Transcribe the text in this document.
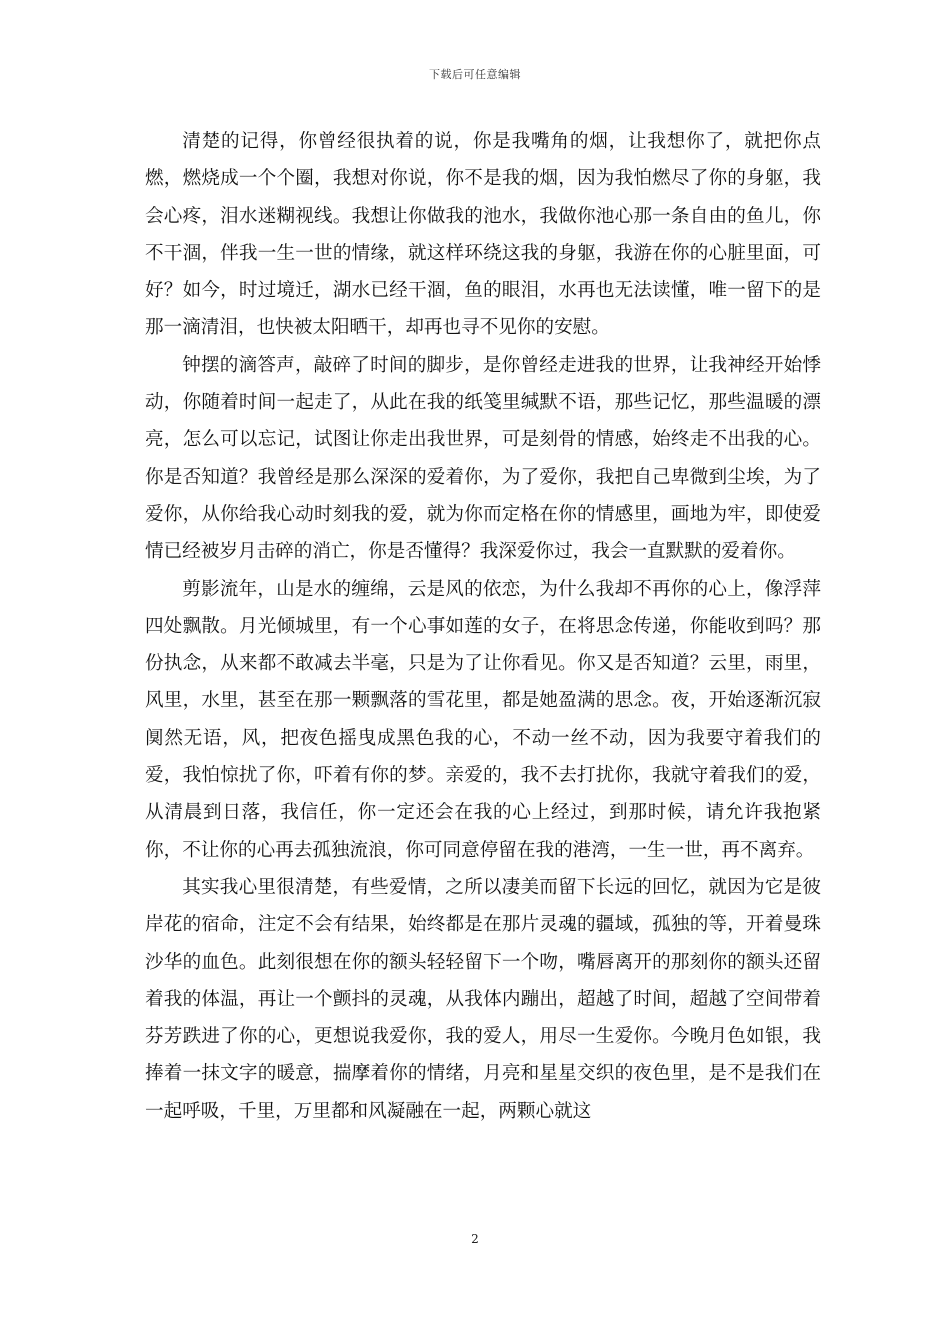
下载后可任意编辑

清楚的记得，你曾经很执着的说，你是我嘴角的烟，让我想你了，就把你点燃，燃烧成一个个圈，我想对你说，你不是我的烟，因为我怕燃尽了你的身躯，我会心疼，泪水迷糊视线。我想让你做我的池水，我做你池心那一条自由的鱼儿，你不干涸，伴我一生一世的情缘，就这样环绕这我的身躯，我游在你的心脏里面，可好？如今，时过境迁，湖水已经干涸，鱼的眼泪，水再也无法读懂，唯一留下的是那一滴清泪，也快被太阳晒干，却再也寻不见你的安慰。

钟摆的滴答声，敲碎了时间的脚步，是你曾经走进我的世界，让我神经开始悸动，你随着时间一起走了，从此在我的纸笺里缄默不语，那些记忆，那些温暖的漂亮，怎么可以忘记，试图让你走出我世界，可是刻骨的情感，始终走不出我的心。你是否知道？我曾经是那么深深的爱着你，为了爱你，我把自己卑微到尘埃，为了爱你，从你给我心动时刻我的爱，就为你而定格在你的情感里，画地为牢，即使爱情已经被岁月击碎的消亡，你是否懂得？我深爱你过，我会一直默默的爱着你。

剪影流年，山是水的缠绵，云是风的依恋，为什么我却不再你的心上，像浮萍四处飘散。月光倾城里，有一个心事如莲的女子，在将思念传递，你能收到吗？那份执念，从来都不敢减去半毫，只是为了让你看见。你又是否知道？云里，雨里，风里，水里，甚至在那一颗飘落的雪花里，都是她盈满的思念。夜，开始逐渐沉寂阒然无语，风，把夜色摇曳成黑色我的心，不动一丝不动，因为我要守着我们的爱，我怕惊扰了你，吓着有你的梦。亲爱的，我不去打扰你，我就守着我们的爱，从清晨到日落，我信任，你一定还会在我的心上经过，到那时候，请允许我抱紧你，不让你的心再去孤独流浪，你可同意停留在我的港湾，一生一世，再不离弃。

其实我心里很清楚，有些爱情，之所以凄美而留下长远的回忆，就因为它是彼岸花的宿命，注定不会有结果，始终都是在那片灵魂的疆域，孤独的等，开着曼珠沙华的血色。此刻很想在你的额头轻轻留下一个吻，嘴唇离开的那刻你的额头还留着我的体温，再让一个颤抖的灵魂，从我体内蹦出，超越了时间，超越了空间带着芬芳跌进了你的心，更想说我爱你，我的爱人，用尽一生爱你。今晚月色如银，我捧着一抹文字的暖意，揣摩着你的情绪，月亮和星星交织的夜色里，是不是我们在一起呼吸，千里，万里都和风凝融在一起，两颗心就这

2
